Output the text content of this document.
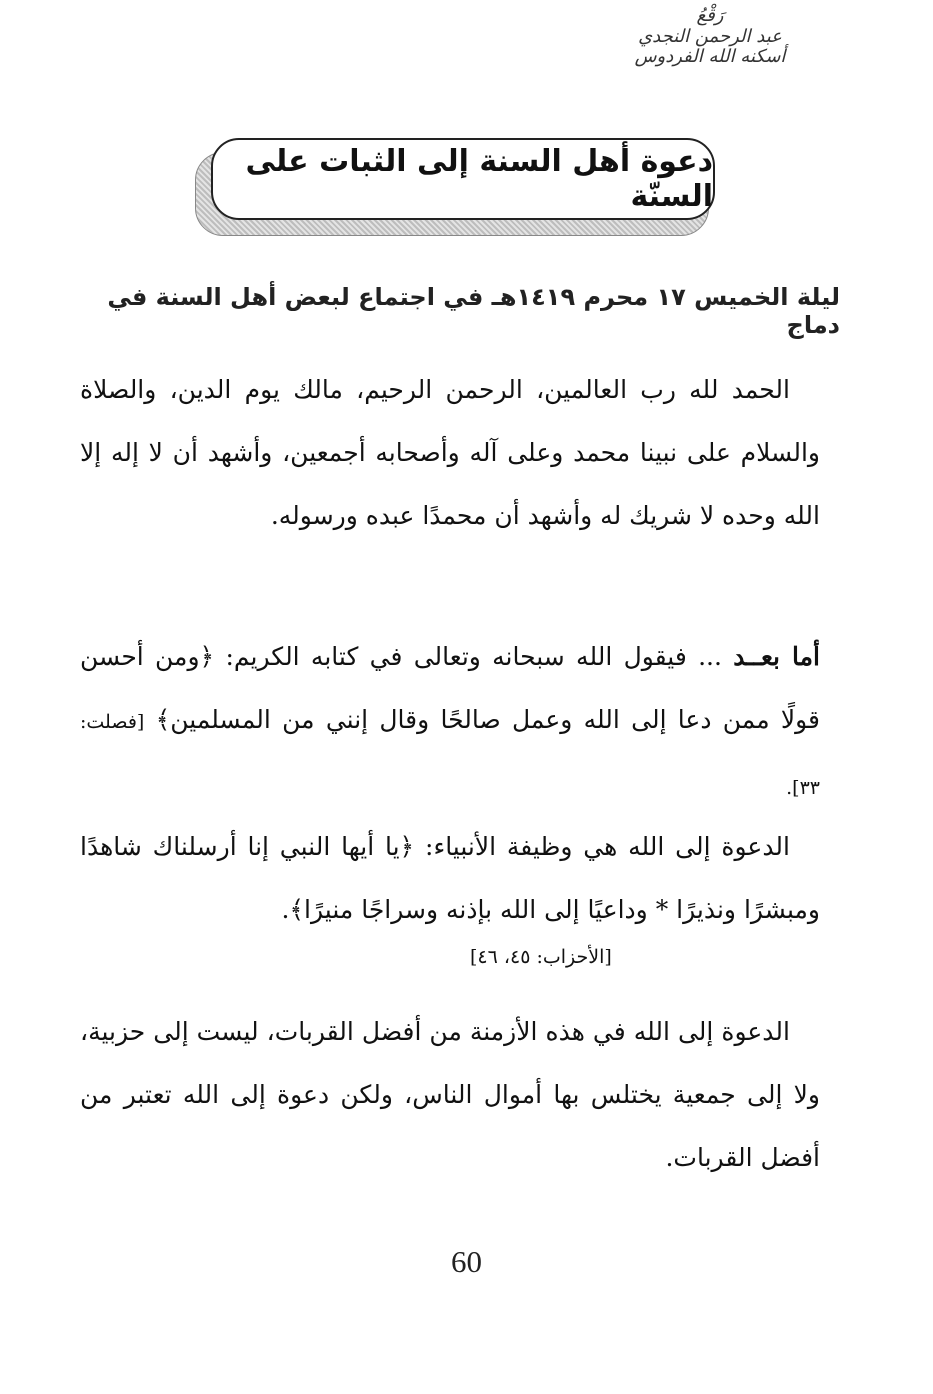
رَقْعُ
عبد الرحمن النجدي
أسكنه الله الفردوس
دعوة أهل السنة إلى الثبات على السنّة
ليلة الخميس ١٧ محرم ١٤١٩هـ في اجتماع لبعض أهل السنة في دماج

الحمد لله رب العالمين، الرحمن الرحيم، مالك يوم الدين، والصلاة والسلام على نبينا محمد وعلى آله وأصحابه أجمعين، وأشهد أن لا إله إلا الله وحده لا شريك له وأشهد أن محمدًا عبده ورسوله.

أما بعــد ... فيقول الله سبحانه وتعالى في كتابه الكريم: ﴿ومن أحسن قولًا ممن دعا إلى الله وعمل صالحًا وقال إنني من المسلمين﴾ [فصلت: ٣٣].

الدعوة إلى الله هي وظيفة الأنبياء: ﴿يا أيها النبي إنا أرسلناك شاهدًا ومبشرًا ونذيرًا * وداعيًا إلى الله بإذنه وسراجًا منيرًا﴾.

[الأحزاب: ٤٥، ٤٦]

الدعوة إلى الله في هذه الأزمنة من أفضل القربات، ليست إلى حزبية، ولا إلى جمعية يختلس بها أموال الناس، ولكن دعوة إلى الله تعتبر من أفضل القربات.

60
